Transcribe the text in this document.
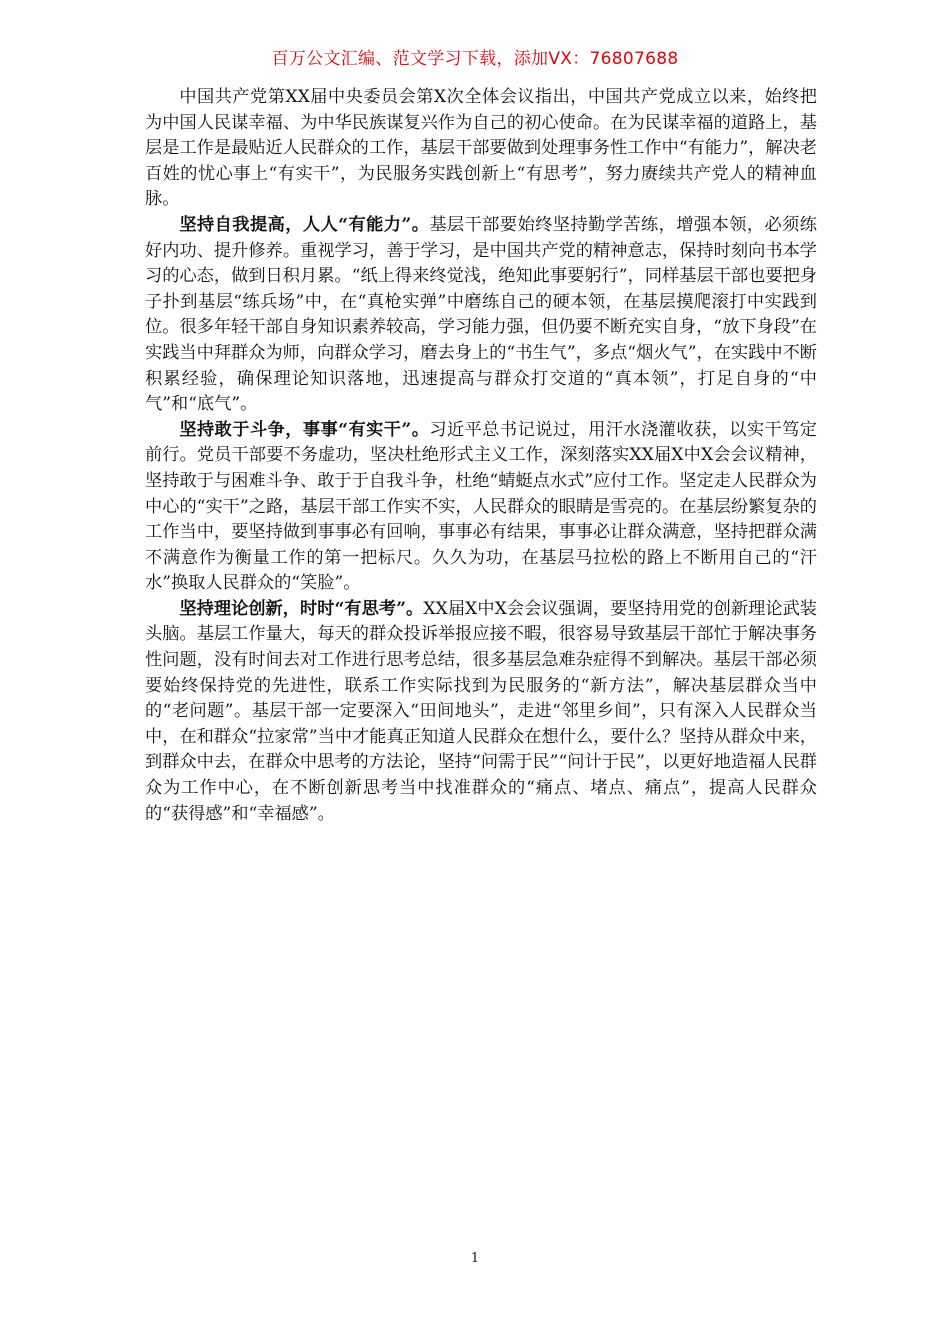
百万公文汇编、范文学习下载，添加VX：76807688

中国共产党第XX届中央委员会第X次全体会议指出，中国共产党成立以来，始终把为中国人民谋幸福、为中华民族谋复兴作为自己的初心使命。在为民谋幸福的道路上，基层是工作是最贴近人民群众的工作，基层干部要做到处理事务性工作中“有能力”，解决老百姓的忧心事上“有实干”，为民服务实践创新上“有思考”，努力赓续共产党人的精神血脉。

坚持自我提高，人人“有能力”。基层干部要始终坚持勤学苦练，增强本领，必须练好内功、提升修养。重视学习，善于学习，是中国共产党的精神意志，保持时刻向书本学习的心态，做到日积月累。“纸上得来终觉浅，绝知此事要躬行”，同样基层干部也要把身子扑到基层“练兵场”中，在“真枪实弹”中磨练自己的硬本领，在基层摸爬滚打中实践到位。很多年轻干部自身知识素养较高，学习能力强，但仍要不断充实自身，“放下身段”在实践当中拜群众为师，向群众学习，磨去身上的“书生气”，多点“烟火气”，在实践中不断积累经验，确保理论知识落地，迅速提高与群众打交道的“真本领”，打足自身的“中气”和“底气”。

坚持敢于斗争，事事“有实干”。习近平总书记说过，用汗水浇灌收获，以实干笃定前行。党员干部要不务虚功，坚决杜绝形式主义工作，深刻落实XX届X中X会会议精神，坚持敢于与困难斗争、敢于于自我斗争，杜绝“蜻蜓点水式”应付工作。坚定走人民群众为中心的“实干”之路，基层干部工作实不实，人民群众的眼睛是雪亮的。在基层纷繁复杂的工作当中，要坚持做到事事必有回响，事事必有结果，事事必让群众满意，坚持把群众满不满意作为衡量工作的第一把标尺。久久为功，在基层马拉松的路上不断用自己的“汗水”换取人民群众的“笑脸”。

坚持理论创新，时时“有思考”。XX届X中X会会议强调，要坚持用党的创新理论武装头脑。基层工作量大，每天的群众投诉举报应接不暇，很容易导致基层干部忙于解决事务性问题，没有时间去对工作进行思考总结，很多基层急难杂症得不到解决。基层干部必须要始终保持党的先进性，联系工作实际找到为民服务的“新方法”，解决基层群众当中的“老问题”。基层干部一定要深入“田间地头”，走进“邻里乡间”，只有深入人民群众当中，在和群众“拉家常”当中才能真正知道人民群众在想什么，要什么？坚持从群众中来，到群众中去，在群众中思考的方法论，坚持“问需于民”“问计于民”，以更好地造福人民群众为工作中心，在不断创新思考当中找准群众的“痛点、堵点、痛点”，提高人民群众的“获得感”和“幸福感”。

1
